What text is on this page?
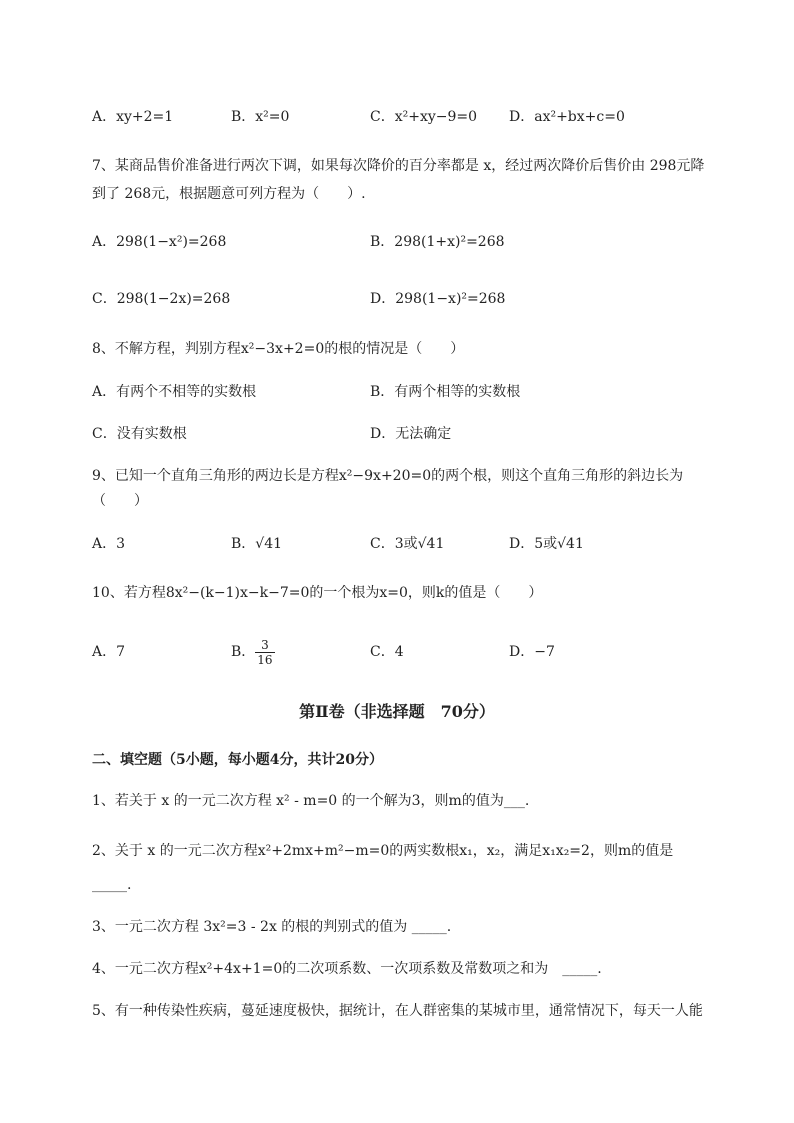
A．xy+2=1	B．x²=0	C．x²+xy−9=0 D．ax²+bx+c=0
7、某商品售价准备进行两次下调，如果每次降价的百分率都是 x，经过两次降价后售价由 298元降
到了 268元，根据题意可列方程为（　　）.
A．298(1−x²)=268	B．298(1+x)²=268
C．298(1−2x)=268	D．298(1−x)²=268
8、不解方程，判别方程x²−3x+2=0的根的情况是（　　）
A．有两个不相等的实数根	B．有两个相等的实数根
C．没有实数根	D．无法确定
9、已知一个直角三角形的两边长是方程x²−9x+20=0的两个根，则这个直角三角形的斜边长为
（　　）
A．3	B．√41	C．3或√41	D．5或√41
10、若方程8x²−(k−1)x−k−7=0的一个根为x=0，则k的值是（　　）
A．7	B． $\frac{3}{16}$	C．4	D．−7
第Ⅱ卷（非选择题　70分）
二、填空题（5小题，每小题4分，共计20分）
1、若关于 x 的一元二次方程 x² - m=0 的一个解为3，则m的值为___.
2、关于 x 的一元二次方程x²+2mx+m²−m=0的两实数根x₁，x₂，满足x₁x₂=2，则m的值是
_____.
3、一元二次方程 3x²=3 - 2x 的根的判别式的值为 _____.
4、一元二次方程x²+4x+1=0的二次项系数、一次项系数及常数项之和为　_____.
5、有一种传染性疾病，蔓延速度极快，据统计，在人群密集的某城市里，通常情况下，每天一人能
